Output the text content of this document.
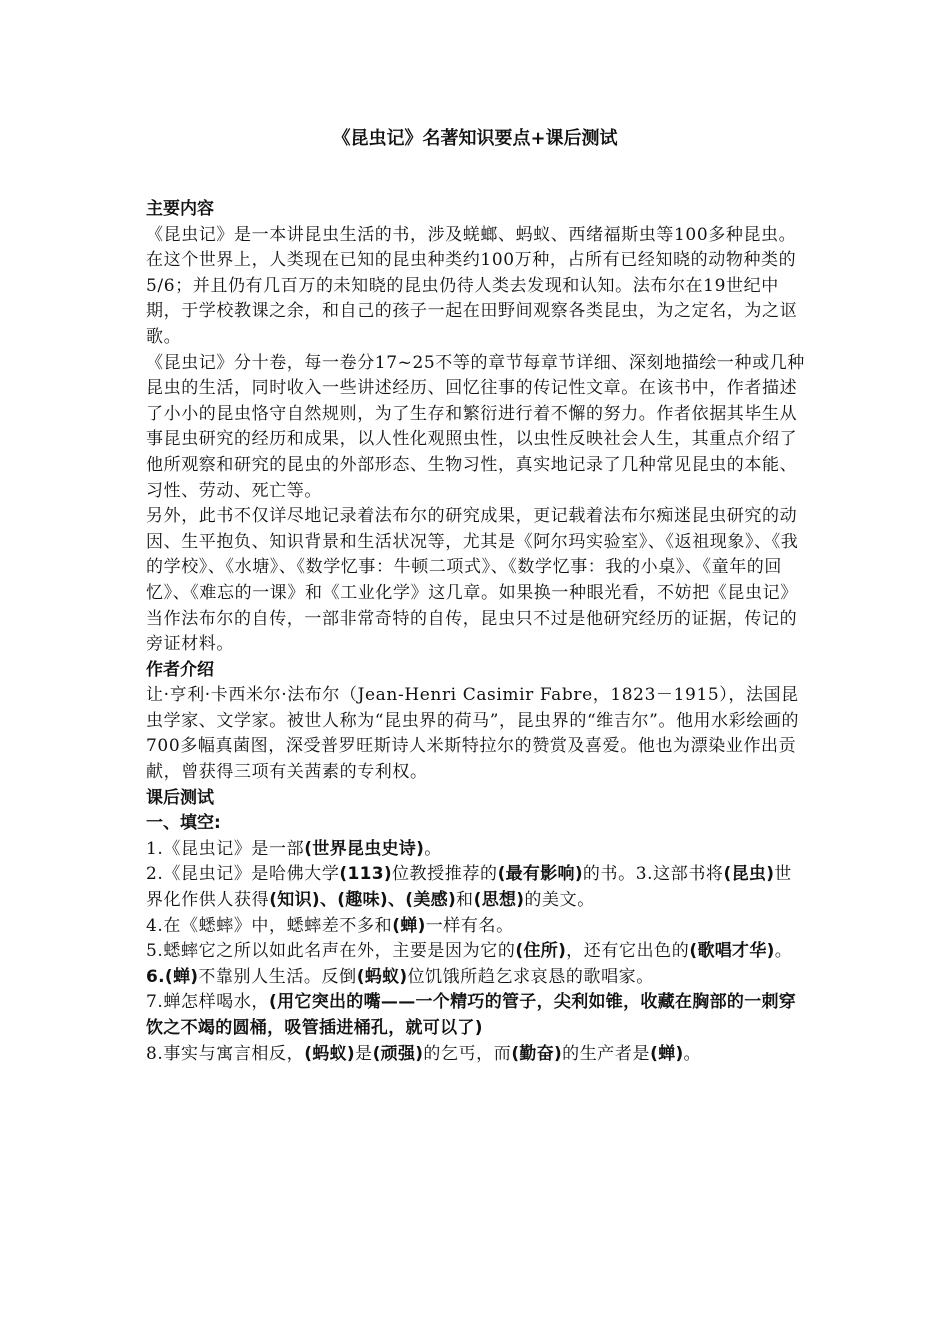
《昆虫记》名著知识要点+课后测试

主要内容

《昆虫记》是一本讲昆虫生活的书，涉及蜣螂、蚂蚁、西绪福斯虫等100多种昆虫。在这个世界上，人类现在已知的昆虫种类约100万种，占所有已经知晓的动物种类的5/6；并且仍有几百万的未知晓的昆虫仍待人类去发现和认知。法布尔在19世纪中期，于学校教课之余，和自己的孩子一起在田野间观察各类昆虫，为之定名，为之讴歌。

《昆虫记》分十卷，每一卷分17~25不等的章节每章节详细、深刻地描绘一种或几种昆虫的生活，同时收入一些讲述经历、回忆往事的传记性文章。在该书中，作者描述了小小的昆虫恪守自然规则，为了生存和繁衍进行着不懈的努力。作者依据其毕生从事昆虫研究的经历和成果，以人性化观照虫性，以虫性反映社会人生，其重点介绍了他所观察和研究的昆虫的外部形态、生物习性，真实地记录了几种常见昆虫的本能、习性、劳动、死亡等。

另外，此书不仅详尽地记录着法布尔的研究成果，更记载着法布尔痴迷昆虫研究的动因、生平抱负、知识背景和生活状况等，尤其是《阿尔玛实验室》、《返祖现象》、《我的学校》、《水塘》、《数学忆事：牛顿二项式》、《数学忆事：我的小桌》、《童年的回忆》、《难忘的一课》和《工业化学》这几章。如果换一种眼光看，不妨把《昆虫记》当作法布尔的自传，一部非常奇特的自传，昆虫只不过是他研究经历的证据，传记的旁证材料。

作者介绍

让·亨利·卡西米尔·法布尔（Jean-Henri Casimir Fabre，1823－1915），法国昆虫学家、文学家。被世人称为“昆虫界的荷马”，昆虫界的“维吉尔”。他用水彩绘画的700多幅真菌图，深受普罗旺斯诗人米斯特拉尔的赞赏及喜爱。他也为漂染业作出贡献，曾获得三项有关茜素的专利权。

课后测试

一、填空:

1.《昆虫记》是一部(世界昆虫史诗)。

2.《昆虫记》是哈佛大学(113)位教授推荐的(最有影响)的书。3.这部书将(昆虫)世界化作供人获得(知识)、(趣味)、(美感)和(思想)的美文。

4.在《蟋蟀》中，蟋蟀差不多和(蝉)一样有名。

5.蟋蟀它之所以如此名声在外，主要是因为它的(住所)，还有它出色的(歌唱才华)。

6.(蝉)不靠别人生活。反倒(蚂蚁)位饥饿所趋乞求哀恳的歌唱家。

7.蝉怎样喝水，(用它突出的嘴——一个精巧的管子，尖利如锥，收藏在胸部的一刺穿饮之不竭的圆桶，吸管插进桶孔，就可以了)

8.事实与寓言相反，(蚂蚁)是(顽强)的乞丐，而(勤奋)的生产者是(蝉)。
